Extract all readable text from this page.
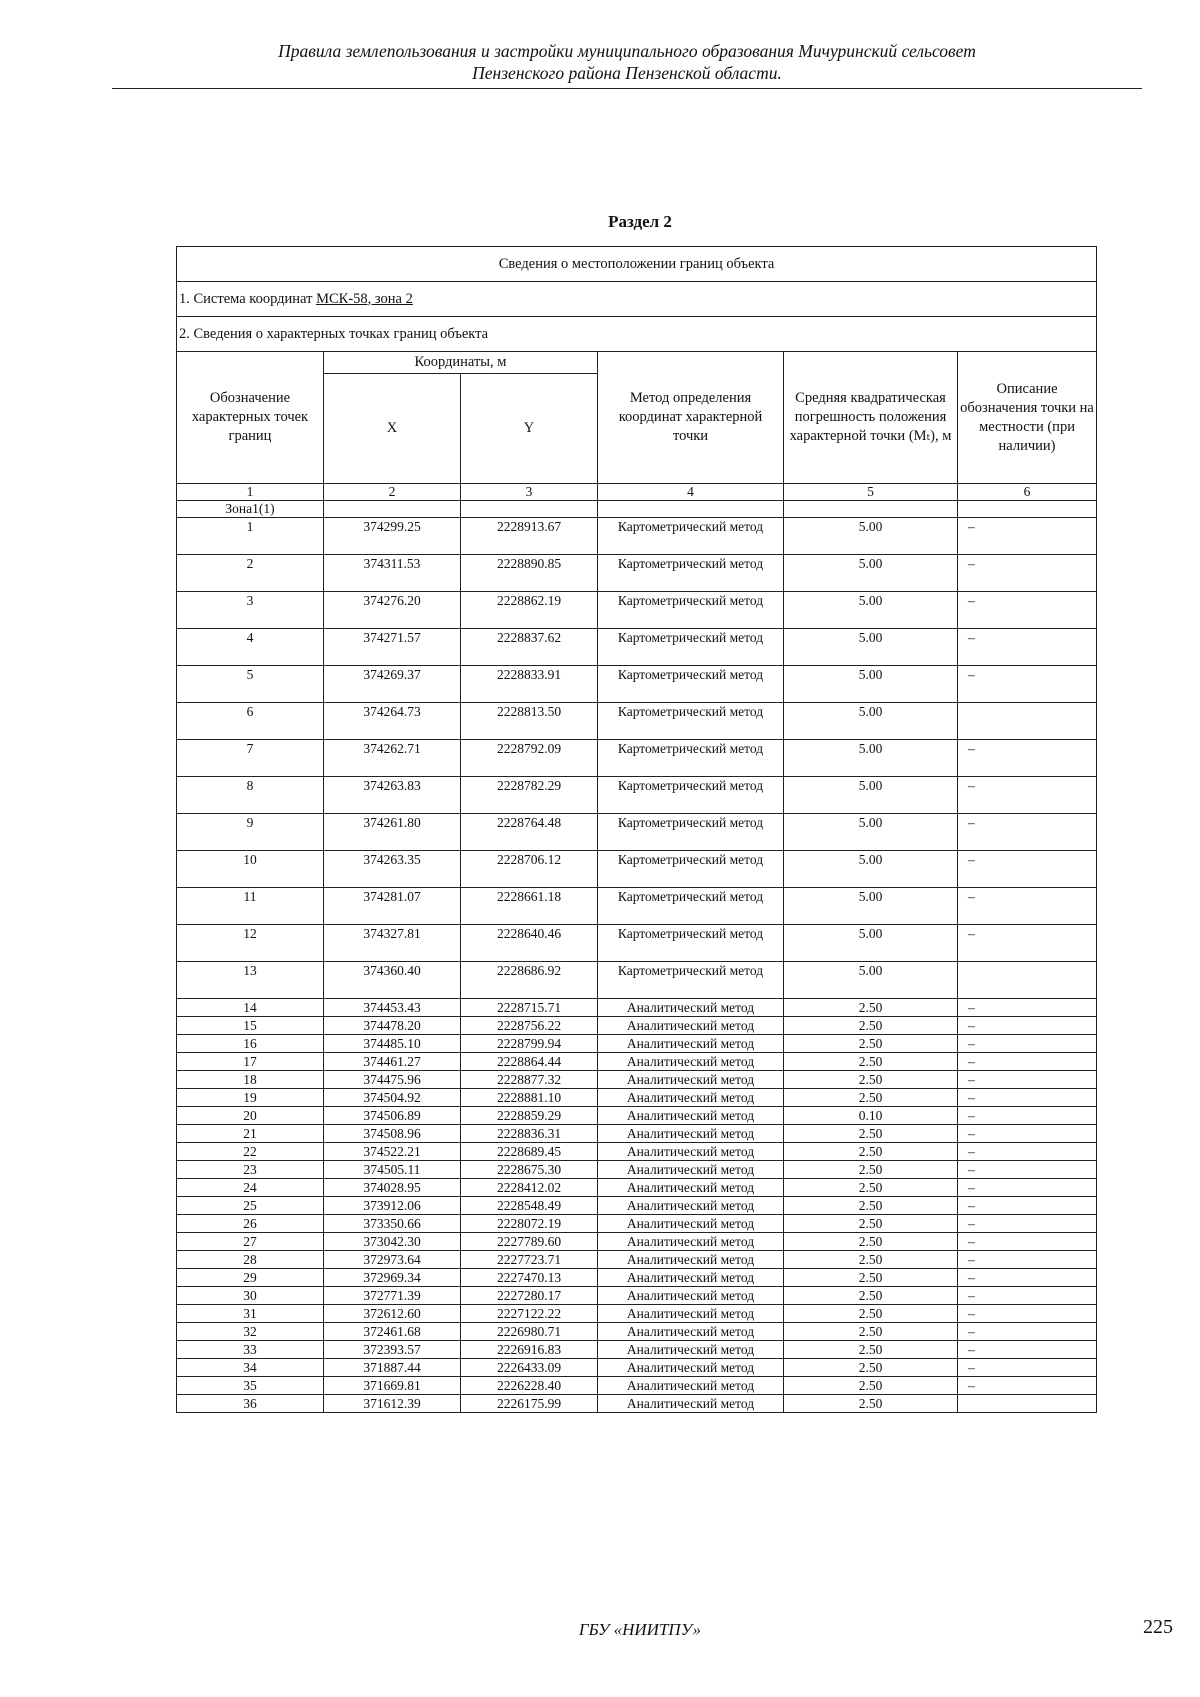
Правила землепользования и застройки муниципального образования Мичуринский сельсовет
Пензенского района Пензенской области.
Раздел 2
Сведения о местоположении границ объекта					
1. Система координат МСК-58, зона 2					
2. Сведения о характерных точках границ объекта					
Обозначение характерных точек границ	Координаты, м		Метод определения координат характерной точки	Средняя квадратическая погрешность положения характерной точки (Mₜ), м	Описание обозначения точки на местности (при наличии)
	X	Y			
1	2	3	4	5	6
Зона1(1)					
1	374299.25	2228913.67	Картометрический метод	5.00	–
2	374311.53	2228890.85	Картометрический метод	5.00	–
3	374276.20	2228862.19	Картометрический метод	5.00	–
4	374271.57	2228837.62	Картометрический метод	5.00	–
5	374269.37	2228833.91	Картометрический метод	5.00	–
6	374264.73	2228813.50	Картометрический метод	5.00	
7	374262.71	2228792.09	Картометрический метод	5.00	–
8	374263.83	2228782.29	Картометрический метод	5.00	–
9	374261.80	2228764.48	Картометрический метод	5.00	–
10	374263.35	2228706.12	Картометрический метод	5.00	–
11	374281.07	2228661.18	Картометрический метод	5.00	–
12	374327.81	2228640.46	Картометрический метод	5.00	–
13	374360.40	2228686.92	Картометрический метод	5.00	
14	374453.43	2228715.71	Аналитический метод	2.50	–
15	374478.20	2228756.22	Аналитический метод	2.50	–
16	374485.10	2228799.94	Аналитический метод	2.50	–
17	374461.27	2228864.44	Аналитический метод	2.50	–
18	374475.96	2228877.32	Аналитический метод	2.50	–
19	374504.92	2228881.10	Аналитический метод	2.50	–
20	374506.89	2228859.29	Аналитический метод	0.10	–
21	374508.96	2228836.31	Аналитический метод	2.50	–
22	374522.21	2228689.45	Аналитический метод	2.50	–
23	374505.11	2228675.30	Аналитический метод	2.50	–
24	374028.95	2228412.02	Аналитический метод	2.50	–
25	373912.06	2228548.49	Аналитический метод	2.50	–
26	373350.66	2228072.19	Аналитический метод	2.50	–
27	373042.30	2227789.60	Аналитический метод	2.50	–
28	372973.64	2227723.71	Аналитический метод	2.50	–
29	372969.34	2227470.13	Аналитический метод	2.50	–
30	372771.39	2227280.17	Аналитический метод	2.50	–
31	372612.60	2227122.22	Аналитический метод	2.50	–
32	372461.68	2226980.71	Аналитический метод	2.50	–
33	372393.57	2226916.83	Аналитический метод	2.50	–
34	371887.44	2226433.09	Аналитический метод	2.50	–
35	371669.81	2226228.40	Аналитический метод	2.50	–
36	371612.39	2226175.99	Аналитический метод	2.50	
ГБУ «НИИТПУ»	225
